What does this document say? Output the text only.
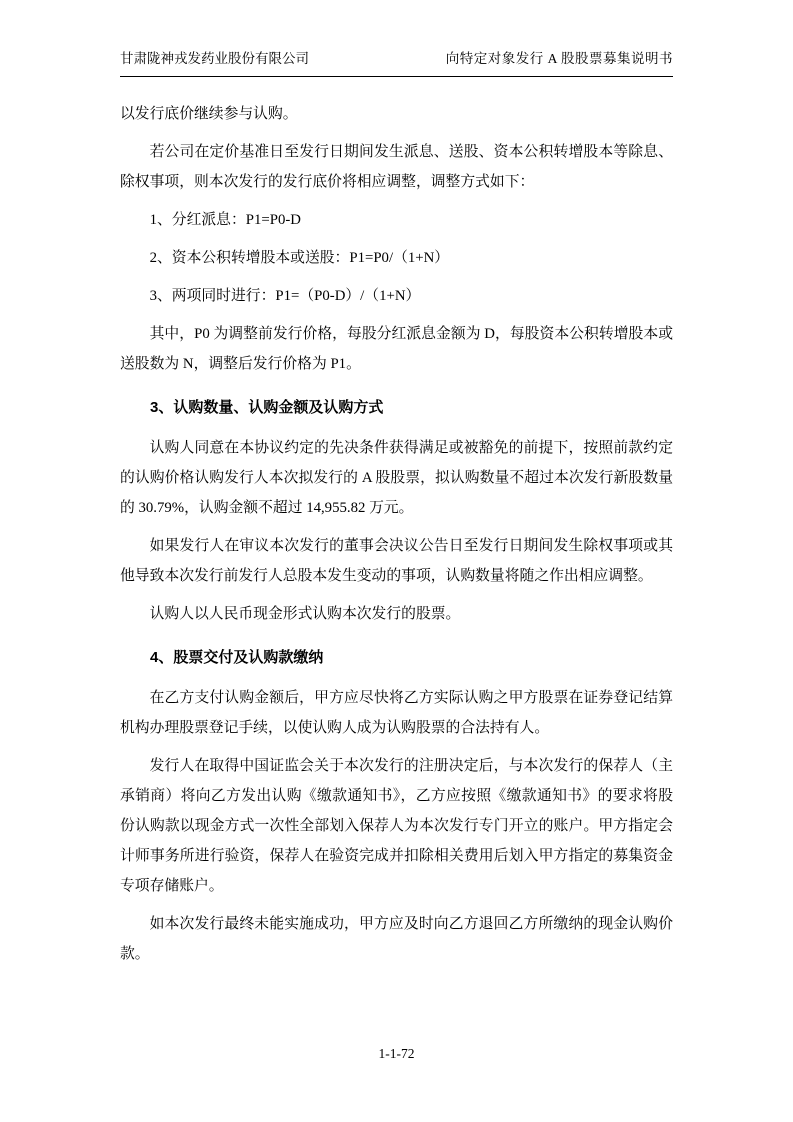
甘肃陇神戎发药业股份有限公司	向特定对象发行 A 股股票募集说明书

以发行底价继续参与认购。

若公司在定价基准日至发行日期间发生派息、送股、资本公积转增股本等除息、除权事项，则本次发行的发行底价将相应调整，调整方式如下：

1、分红派息：P1=P0-D

2、资本公积转增股本或送股：P1=P0/（1+N）

3、两项同时进行：P1=（P0-D）/（1+N）

其中，P0 为调整前发行价格，每股分红派息金额为 D，每股资本公积转增股本或送股数为 N，调整后发行价格为 P1。

3、认购数量、认购金额及认购方式

认购人同意在本协议约定的先决条件获得满足或被豁免的前提下，按照前款约定的认购价格认购发行人本次拟发行的 A 股股票，拟认购数量不超过本次发行新股数量的 30.79%，认购金额不超过 14,955.82 万元。

如果发行人在审议本次发行的董事会决议公告日至发行日期间发生除权事项或其他导致本次发行前发行人总股本发生变动的事项，认购数量将随之作出相应调整。

认购人以人民币现金形式认购本次发行的股票。

4、股票交付及认购款缴纳

在乙方支付认购金额后，甲方应尽快将乙方实际认购之甲方股票在证券登记结算机构办理股票登记手续，以使认购人成为认购股票的合法持有人。

发行人在取得中国证监会关于本次发行的注册决定后，与本次发行的保荐人（主承销商）将向乙方发出认购《缴款通知书》，乙方应按照《缴款通知书》的要求将股份认购款以现金方式一次性全部划入保荐人为本次发行专门开立的账户。甲方指定会计师事务所进行验资，保荐人在验资完成并扣除相关费用后划入甲方指定的募集资金专项存储账户。

如本次发行最终未能实施成功，甲方应及时向乙方退回乙方所缴纳的现金认购价款。

1-1-72
